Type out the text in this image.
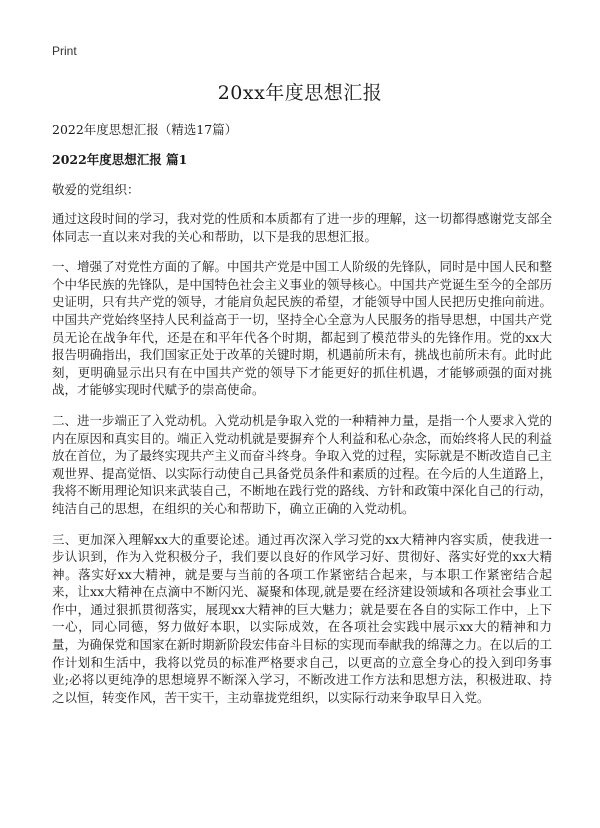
Print
20xx年度思想汇报

2022年度思想汇报（精选17篇）

2022年度思想汇报 篇1

敬爱的党组织：

通过这段时间的学习，我对党的性质和本质都有了进一步的理解，这一切都得感谢党支部全体同志一直以来对我的关心和帮助，以下是我的思想汇报。

一、增强了对党性方面的了解。中国共产党是中国工人阶级的先锋队，同时是中国人民和整个中华民族的先锋队，是中国特色社会主义事业的领导核心。中国共产党诞生至今的全部历史证明，只有共产党的领导，才能肩负起民族的希望，才能领导中国人民把历史推向前进。中国共产党始终坚持人民利益高于一切，坚持全心全意为人民服务的指导思想，中国共产党员无论在战争年代，还是在和平年代各个时期，都起到了模范带头的先锋作用。党的xx大报告明确指出，我们国家正处于改革的关键时期，机遇前所未有，挑战也前所未有。此时此刻，更明确显示出只有在中国共产党的领导下才能更好的抓住机遇，才能够顽强的面对挑战，才能够实现时代赋予的崇高使命。

二、进一步端正了入党动机。入党动机是争取入党的一种精神力量，是指一个人要求入党的内在原因和真实目的。端正入党动机就是要摒弃个人利益和私心杂念，而始终将人民的利益放在首位，为了最终实现共产主义而奋斗终身。争取入党的过程，实际就是不断改造自己主观世界、提高觉悟、以实际行动使自己具备党员条件和素质的过程。在今后的人生道路上，我将不断用理论知识来武装自己，不断地在践行党的路线、方针和政策中深化自己的行动，纯洁自己的思想，在组织的关心和帮助下，确立正确的入党动机。

三、更加深入理解xx大的重要论述。通过再次深入学习党的xx大精神内容实质，使我进一步认识到，作为入党积极分子，我们要以良好的作风学习好、贯彻好、落实好党的xx大精神。落实好xx大精神，就是要与当前的各项工作紧密结合起来，与本职工作紧密结合起来，让xx大精神在点滴中不断闪光、凝聚和体现,就是要在经济建设领域和各项社会事业工作中，通过狠抓贯彻落实，展现xx大精神的巨大魅力；就是要在各自的实际工作中，上下一心，同心同德，努力做好本职，以实际成效，在各项社会实践中展示xx大的精神和力量，为确保党和国家在新时期新阶段宏伟奋斗目标的实现而奉献我的绵薄之力。在以后的工作计划和生活中，我将以党员的标准严格要求自己，以更高的立意全身心的投入到印务事业;必将以更纯净的思想境界不断深入学习，不断改进工作方法和思想方法，积极进取、持之以恒，转变作风，苦干实干，主动靠拢党组织，以实际行动来争取早日入党。
